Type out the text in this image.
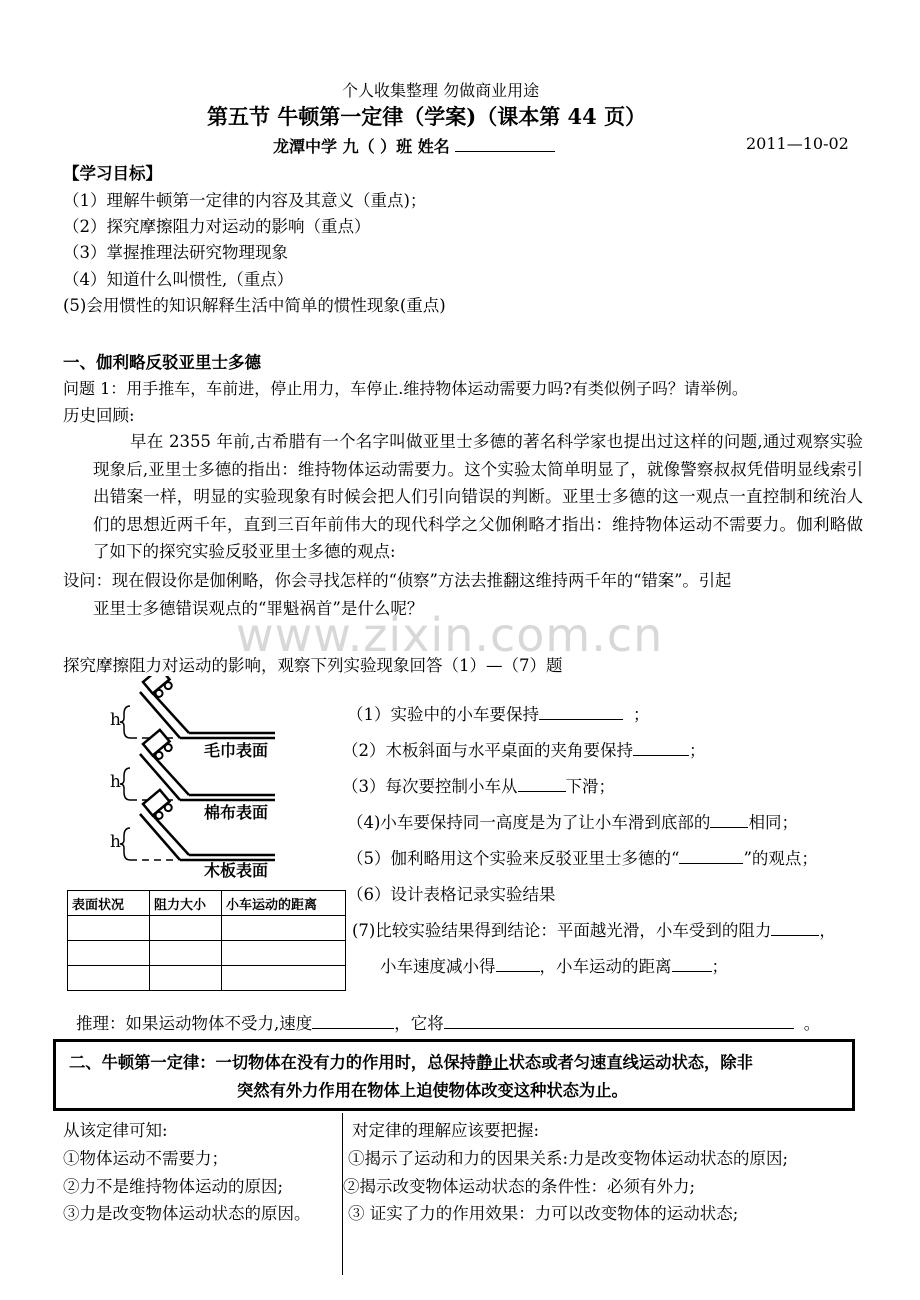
个人收集整理 勿做商业用途
第五节 牛顿第一定律（学案)（课本第 44 页）
龙潭中学 九（ ）班 姓名	2011—10-02
【学习目标】
（1）理解牛顿第一定律的内容及其意义（重点)；
（2）探究摩擦阻力对运动的影响（重点）
（3）掌握推理法研究物理现象
（4）知道什么叫惯性,（重点）
(5)会用惯性的知识解释生活中简单的惯性现象(重点)
一、伽利略反驳亚里士多德
问题 1：用手推车，车前进，停止用力，车停止.维持物体运动需要力吗?有类似例子吗？请举例。
历史回顾:
早在 2355 年前,古希腊有一个名字叫做亚里士多德的著名科学家也提出过这样的问题,通过观察实验现象后,亚里士多德的指出：维持物体运动需要力。这个实验太简单明显了，就像警察叔叔凭借明显线索引出错案一样，明显的实验现象有时候会把人们引向错误的判断。亚里士多德的这一观点一直控制和统治人们的思想近两千年，直到三百年前伟大的现代科学之父伽俐略才指出：维持物体运动不需要力。伽利略做了如下的探究实验反驳亚里士多德的观点:
设问：现在假设你是伽俐略，你会寻找怎样的“侦察”方法去推翻这维持两千年的“错案”。引起
亚里士多德错误观点的“罪魁祸首”是什么呢？
www.zixin.com.cn
探究摩擦阻力对运动的影响，观察下列实验现象回答（1）—（7）题
h
h
h
毛巾表面
棉布表面
木板表面
（1）实验中的小车要保持	；
（2）木板斜面与水平桌面的夹角要保持	；
（3）每次要控制小车从	下滑；
（4)小车要保持同一高度是为了让小车滑到底部的 相同；
（5）伽利略用这个实验来反驳亚里士多德的“	”的观点；
（6）设计表格记录实验结果
(7)比较实验结果得到结论：平面越光滑，小车受到的阻力	，
小车速度减小得	，小车运动的距离 ；
表面状况	阻力大小	小车运动的距离

推理：如果运动物体不受力,速度	，它将	。
二、牛顿第一定律：一切物体在没有力的作用时，总保持静止状态或者匀速直线运动状态，除非
突然有外力作用在物体上迫使物体改变这种状态为止。
从该定律可知:
①物体运动不需要力；
②力不是维持物体运动的原因;
③力是改变物体运动状态的原因。
对定律的理解应该要把握:
①揭示了运动和力的因果关系:力是改变物体运动状态的原因;
②揭示改变物体运动状态的条件性：必须有外力;
③ 证实了力的作用效果：力可以改变物体的运动状态;
